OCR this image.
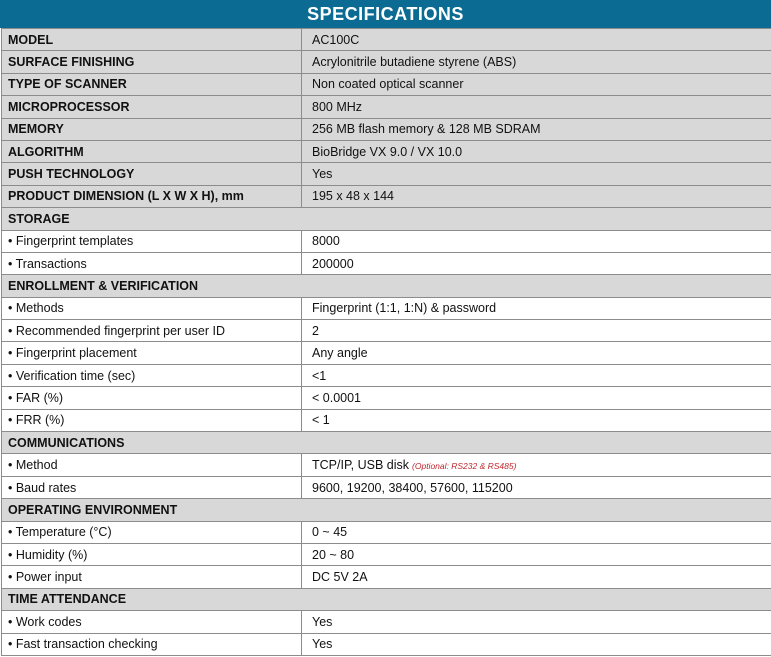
SPECIFICATIONS
MODEL	AC100C
SURFACE FINISHING	Acrylonitrile butadiene styrene (ABS)
TYPE OF SCANNER	Non coated optical scanner
MICROPROCESSOR	800 MHz
MEMORY	256 MB flash memory & 128 MB SDRAM
ALGORITHM	BioBridge VX 9.0 / VX 10.0
PUSH TECHNOLOGY	Yes
PRODUCT DIMENSION (L X W X H), mm	195 x 48 x 144
STORAGE	
• Fingerprint templates	8000
• Transactions	200000
ENROLLMENT & VERIFICATION	
• Methods	Fingerprint (1:1, 1:N) & password
• Recommended fingerprint per user ID	2
• Fingerprint placement	Any angle
• Verification time (sec)	<1
• FAR (%)	< 0.0001
• FRR (%)	< 1
COMMUNICATIONS	
• Method	TCP/IP, USB disk (Optional: RS232 & RS485)
• Baud rates	9600, 19200, 38400, 57600, 115200
OPERATING ENVIRONMENT	
• Temperature (°C)	0 ~ 45
• Humidity (%)	20 ~ 80
• Power input	DC 5V 2A
TIME ATTENDANCE	
• Work codes	Yes
• Fast transaction checking	Yes
